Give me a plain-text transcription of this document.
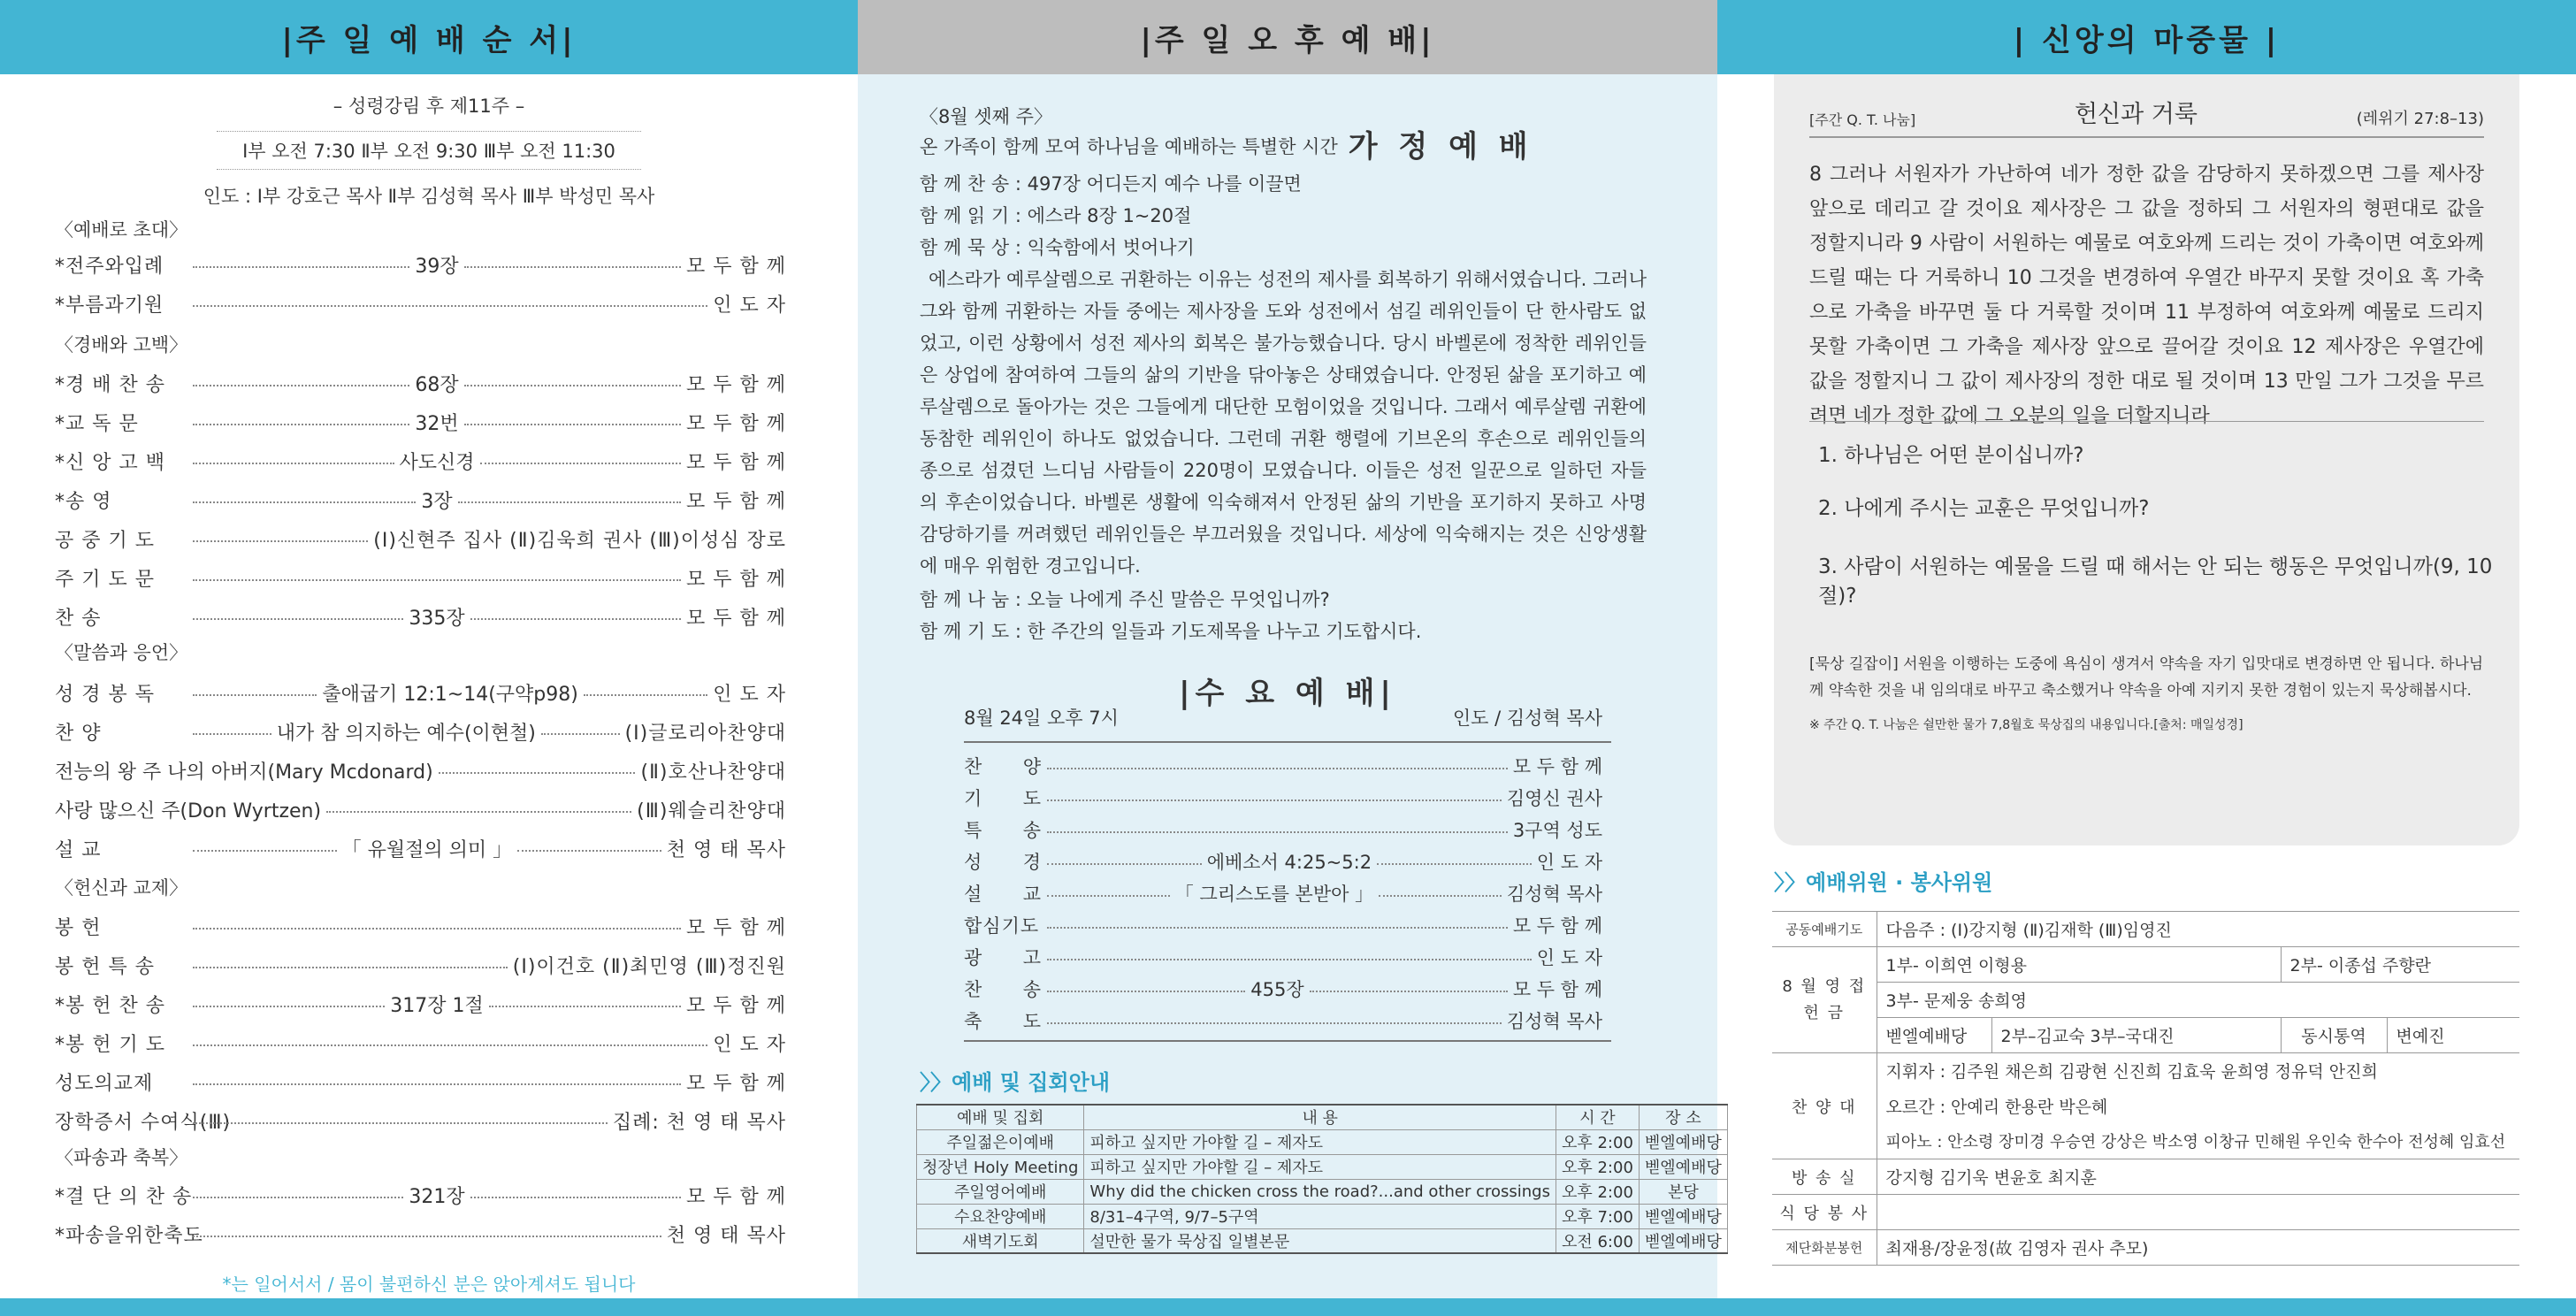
|주 일 예 배 순 서|
– 성령강림 후 제11주 –
Ⅰ부 오전 7:30 Ⅱ부 오전 9:30 Ⅲ부 오전 11:30
인도 : Ⅰ부 강호근 목사 Ⅱ부 김성혁 목사 Ⅲ부 박성민 목사
〈예배로 초대〉
〈경배와 고백〉
〈말씀과 응언〉
〈헌신과 교제〉
〈파송과 축복〉
*전주와입례	39장	모 두 함 께
*부름과기원	인 도 자
*경 배 찬 송	68장	모 두 함 께
*교 독 문	32번	모 두 함 께
*신 앙 고 백	사도신경	모 두 함 께
*송 영	3장	모 두 함 께
공 중 기 도	(Ⅰ)신현주 집사 (Ⅱ)김욱희 권사 (Ⅲ)이성심 장로
주 기 도 문	모 두 함 께
찬 송	335장	모 두 함 께
성 경 봉 독	출애굽기 12:1~14(구약p98)	인 도 자
찬 양	내가 참 의지하는 예수(이현철)	(Ⅰ)글로리아찬양대
전능의 왕 주 나의 아버지(Mary Mcdonard)	(Ⅱ)호산나찬양대
사랑 많으신 주(Don Wyrtzen)	(Ⅲ)웨슬리찬양대
설 교	「 유월절의 의미 」	천 영 태 목사
봉 헌	모 두 함 께
봉 헌 특 송	(Ⅰ)이건호 (Ⅱ)최민영 (Ⅲ)정진원
*봉 헌 찬 송	317장 1절	모 두 함 께
*봉 헌 기 도	인 도 자
성도의교제	모 두 함 께
장학증서 수여식(Ⅲ)	집례: 천 영 태 목사
*결 단 의 찬 송	321장	모 두 함 께
*파송을위한축도	천 영 태 목사
*는 일어서서 / 몸이 불편하신 분은 앉아계셔도 됩니다
|주 일 오 후 예 배|
〈8월 셋째 주〉
온 가족이 함께 모여 하나님을 예배하는 특별한 시간 가 정 예 배
함 께 찬 송 : 497장 어디든지 예수 나를 이끌면
함 께 읽 기 : 에스라 8장 1~20절
함 께 묵 상 : 익숙함에서 벗어나기
에스라가 예루살렘으로 귀환하는 이유는 성전의 제사를 회복하기 위해서였습니다. 그러나 그와 함께 귀환하는 자들 중에는 제사장을 도와 성전에서 섬길 레위인들이 단 한사람도 없었고, 이런 상황에서 성전 제사의 회복은 불가능했습니다. 당시 바벨론에 정착한 레위인들은 상업에 참여하여 그들의 삶의 기반을 닦아놓은 상태였습니다. 안정된 삶을 포기하고 예루살렘으로 돌아가는 것은 그들에게 대단한 모험이었을 것입니다. 그래서 예루살렘 귀환에 동참한 레위인이 하나도 없었습니다. 그런데 귀환 행렬에 기브온의 후손으로 레위인들의 종으로 섬겼던 느디님 사람들이 220명이 모였습니다. 이들은 성전 일꾼으로 일하던 자들의 후손이었습니다. 바벨론 생활에 익숙해져서 안정된 삶의 기반을 포기하지 못하고 사명감당하기를 꺼려했던 레위인들은 부끄러웠을 것입니다. 세상에 익숙해지는 것은 신앙생활에 매우 위험한 경고입니다.
함 께 나 눔 : 오늘 나에게 주신 말씀은 무엇입니까?
함 께 기 도 : 한 주간의 일들과 기도제목을 나누고 기도합시다.
|수 요 예 배|
8월 24일 오후 7시	인도 / 김성혁 목사
찬 양	모 두 함 께
기 도	김영신 권사
특 송	3구역 성도
성 경	에베소서 4:25~5:2	인 도 자
설 교	「 그리스도를 본받아 」	김성혁 목사
합심기도	모 두 함 께
광 고	인 도 자
찬 송	455장	모 두 함 께
축 도	김성혁 목사
〉〉예배 및 집회안내
예배 및 집회	내 용	시 간	장 소
주일젊은이예배	피하고 싶지만 가야할 길 – 제자도	오후 2:00	벧엘예배당
청장년 Holy Meeting	피하고 싶지만 가야할 길 – 제자도	오후 2:00	벧엘예배당
주일영어예배	Why did the chicken cross the road?...and other crossings	오후 2:00	본당
수요찬양예배	8/31–4구역, 9/7–5구역	오후 7:00	벧엘예배당
새벽기도회	설만한 물가 묵상집 일별본문	오전 6:00	벧엘예배당
| 신앙의 마중물 |
[주간 Q. T. 나눔]	헌신과 거룩	(레위기 27:8–13)
8 그러나 서원자가 가난하여 네가 정한 값을 감당하지 못하겠으면 그를 제사장 앞으로 데리고 갈 것이요 제사장은 그 값을 정하되 그 서원자의 형편대로 값을 정할지니라 9 사람이 서원하는 예물로 여호와께 드리는 것이 가축이면 여호와께 드릴 때는 다 거룩하니 10 그것을 변경하여 우열간 바꾸지 못할 것이요 혹 가축으로 가축을 바꾸면 둘 다 거룩할 것이며 11 부정하여 여호와께 예물로 드리지 못할 가축이면 그 가축을 제사장 앞으로 끌어갈 것이요 12 제사장은 우열간에 값을 정할지니 그 값이 제사장의 정한 대로 될 것이며 13 만일 그가 그것을 무르려면 네가 정한 값에 그 오분의 일을 더할지니라
1. 하나님은 어떤 분이십니까?
2. 나에게 주시는 교훈은 무엇입니까?
3. 사람이 서원하는 예물을 드릴 때 해서는 안 되는 행동은 무엇입니까(9, 10절)?
[묵상 길잡이] 서원을 이행하는 도중에 욕심이 생겨서 약속을 자기 입맛대로 변경하면 안 됩니다. 하나님께 약속한 것을 내 임의대로 바꾸고 축소했거나 약속을 아예 지키지 못한 경험이 있는지 묵상해봅시다.
※ 주간 Q. T. 나눔은 쉴만한 물가 7,8월호 묵상집의 내용입니다.[출처: 매일성경]
〉〉예배위원 · 봉사위원
공동예배기도	다음주 : (Ⅰ)강지형 (Ⅱ)김재학 (Ⅲ)임영진			
8 월 영 접 헌 금	1부- 이희연 이형용		2부- 이종섭 주향란	
	3부- 문제웅 송희영			
	벧엘예배당	2부–김교숙 3부–국대진	동시통역	변예진
찬 양 대	지휘자 : 김주원 채은희 김광현 신진희 김효욱 윤희영 정유덕 안진희			
	오르간 : 안예리 한용란 박은혜			
	피아노 : 안소령 장미경 우승연 강상은 박소영 이창규 민해원 우인숙 한수아 전성혜 임효선			
방 송 실	강지형 김기욱 변윤호 최지훈			
식 당 봉 사				
제단화분봉헌	최재용/장윤정(故 김영자 권사 추모)			
